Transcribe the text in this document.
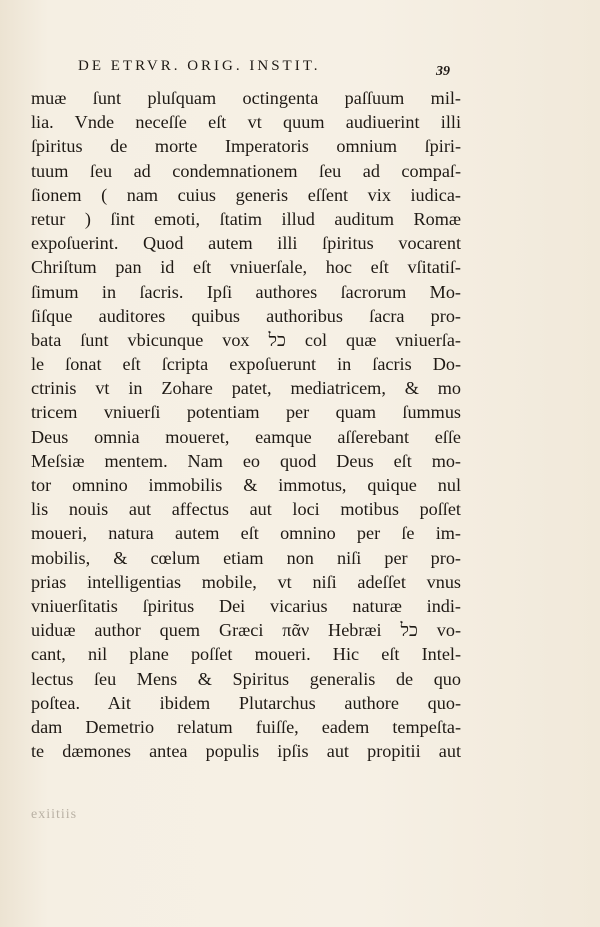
DE ETRVR. ORIG. INSTIT.	39
muæ ſunt pluſquam octingenta paſſuum mil-
lia. Vnde neceſſe eſt vt quum audiuerint illi
ſpiritus de morte Imperatoris omnium ſpiri-
tuum ſeu ad condemnationem ſeu ad compaſ-
ſionem ( nam cuius generis eſſent vix iudica-
retur ) ſint emoti, ſtatim illud auditum Romæ
expoſuerint. Quod autem illi ſpiritus vocarent
Chriſtum pan id eſt vniuerſale, hoc eſt vſitatiſ-
ſimum in ſacris. Ipſi authores ſacrorum Mo-
ſiſque auditores quibus authoribus ſacra pro-
bata ſunt vbicunque vox כל col quæ vniuerſa-
le ſonat eſt ſcripta expoſuerunt in ſacris Do-
ctrinis vt in Zohare patet, mediatricem, & mo
tricem vniuerſi potentiam per quam ſummus
Deus omnia moueret, eamque aſſerebant eſſe
Meſsiæ mentem. Nam eo quod Deus eſt mo-
tor omnino immobilis & immotus, quique nul
lis nouis aut affectus aut loci motibus poſſet
moueri, natura autem eſt omnino per ſe im-
mobilis, & cœlum etiam non niſi per pro-
prias intelligentias mobile, vt niſi adeſſet vnus
vniuerſitatis ſpiritus Dei vicarius naturæ indi-
uiduæ author quem Græci πᾶν Hebræi כל vo-
cant, nil plane poſſet moueri. Hic eſt Intel-
lectus ſeu Mens & Spiritus generalis de quo
poſtea. Ait ibidem Plutarchus authore quo-
dam Demetrio relatum fuiſſe, eadem tempeſta-
te dæmones antea populis ipſis aut propitii aut
exiitiis
